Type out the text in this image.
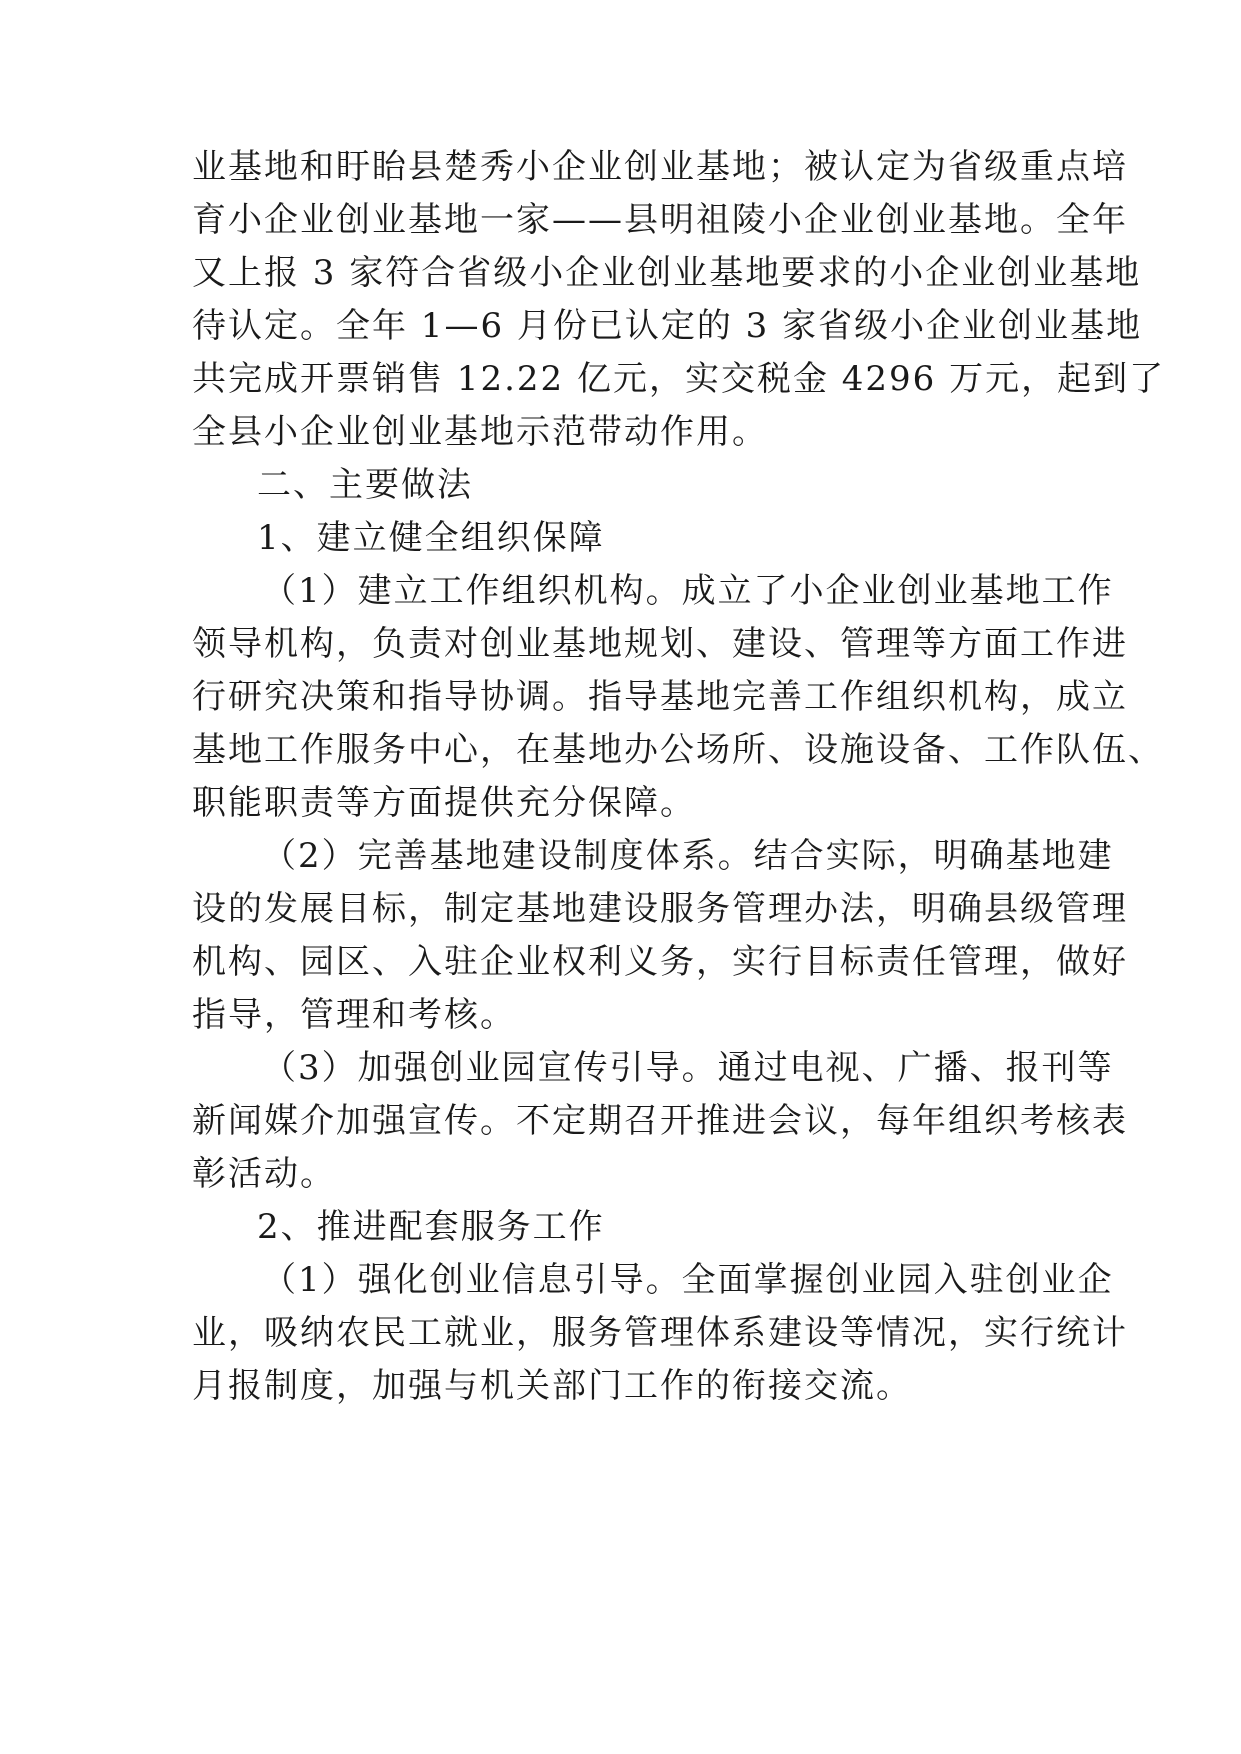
业基地和盱眙县楚秀小企业创业基地；被认定为省级重点培
育小企业创业基地一家——县明祖陵小企业创业基地。全年
又上报 3 家符合省级小企业创业基地要求的小企业创业基地
待认定。全年 1—6 月份已认定的 3 家省级小企业创业基地
共完成开票销售 12.22 亿元，实交税金 4296 万元，起到了
全县小企业创业基地示范带动作用。
二、主要做法
1、建立健全组织保障
（1）建立工作组织机构。成立了小企业创业基地工作
领导机构，负责对创业基地规划、建设、管理等方面工作进
行研究决策和指导协调。指导基地完善工作组织机构，成立
基地工作服务中心，在基地办公场所、设施设备、工作队伍、
职能职责等方面提供充分保障。
（2）完善基地建设制度体系。结合实际，明确基地建
设的发展目标，制定基地建设服务管理办法，明确县级管理
机构、园区、入驻企业权利义务，实行目标责任管理，做好
指导，管理和考核。
（3）加强创业园宣传引导。通过电视、广播、报刊等
新闻媒介加强宣传。不定期召开推进会议，每年组织考核表
彰活动。
2、推进配套服务工作
（1）强化创业信息引导。全面掌握创业园入驻创业企
业，吸纳农民工就业，服务管理体系建设等情况，实行统计
月报制度，加强与机关部门工作的衔接交流。
